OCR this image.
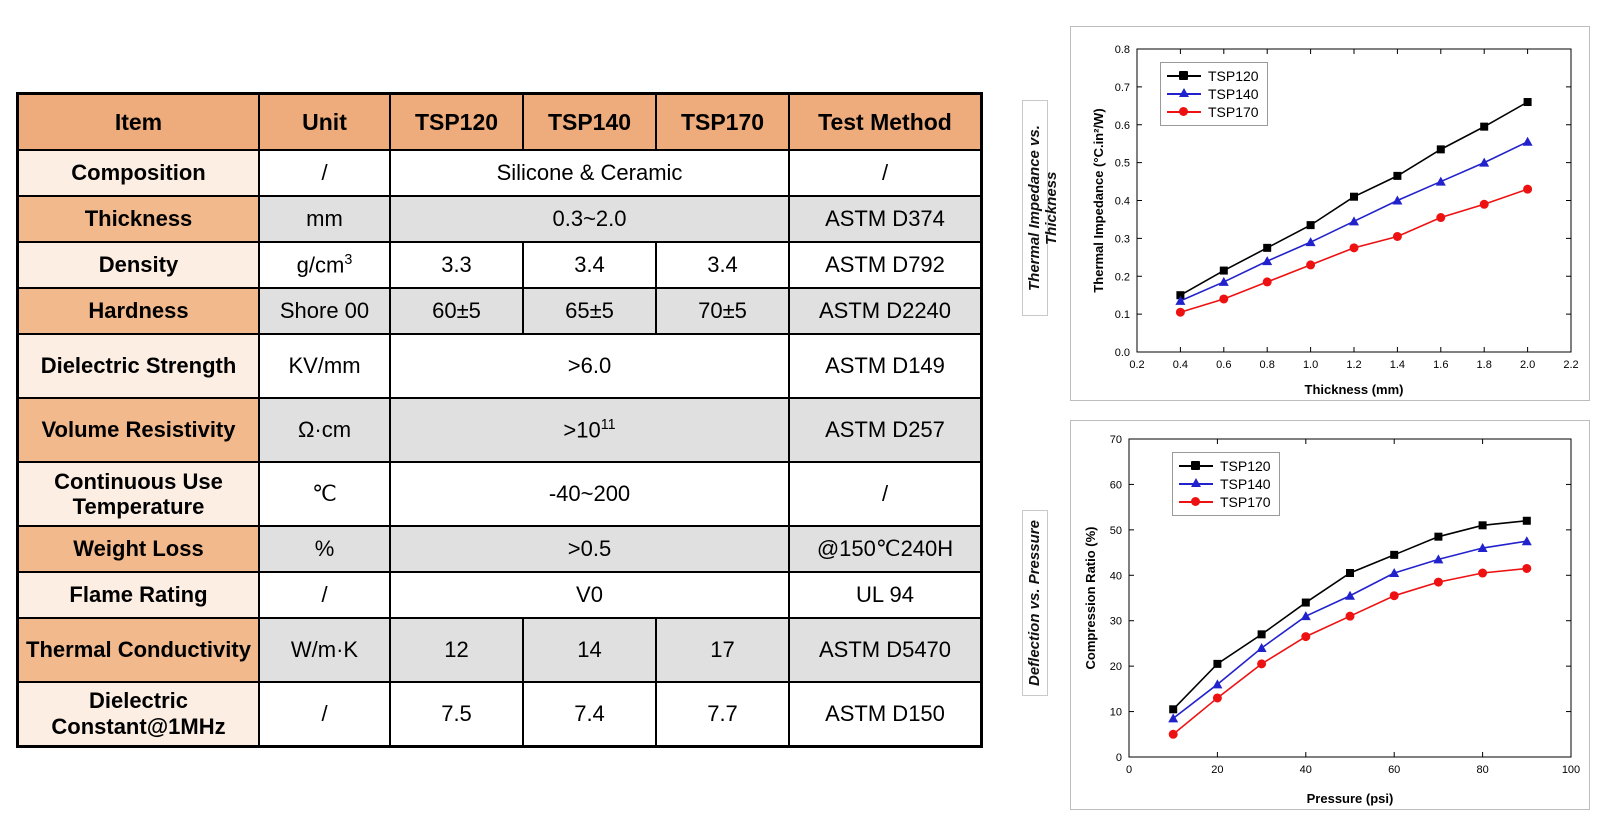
Item	Unit	TSP120	TSP140	TSP170	Test Method
Composition	/	Silicone & Ceramic			/
Thickness	mm	0.3~2.0			ASTM D374
Density	$g/cm^3$	3.3	3.4	3.4	ASTM D792
Hardness	Shore 00	60±5	65±5	70±5	ASTM D2240
Dielectric Strength	KV/mm	>6.0			ASTM D149
Volume Resistivity	Ω·cm	$>10^{11}$			ASTM D257
Continuous Use Temperature	℃	-40~200			/
Weight Loss	%	>0.5			@150℃240H
Flame Rating	/	V0			UL 94
Thermal Conductivity	W/m·K	12	14	17	ASTM D5470
Dielectric Constant@1MHz	/	7.5	7.4	7.7	ASTM D150
Thermal Impedance vs. Thickness
Deflection vs. Pressure
0.2	0.4	0.6	0.8	1.0	1.2	1.4	1.6	1.8	2.0	2.2
0.0
0.1
0.2
0.3
0.4
0.5
0.6
0.7
0.8
Thickness (mm)
Thermal Impedance (°C.in²/W)
TSP120
TSP140
TSP170
0	20	40	60	80	100
0
10
20
30
40
50
60
70
Pressure (psi)
Compression Ratio (%)
TSP120
TSP140
TSP170
